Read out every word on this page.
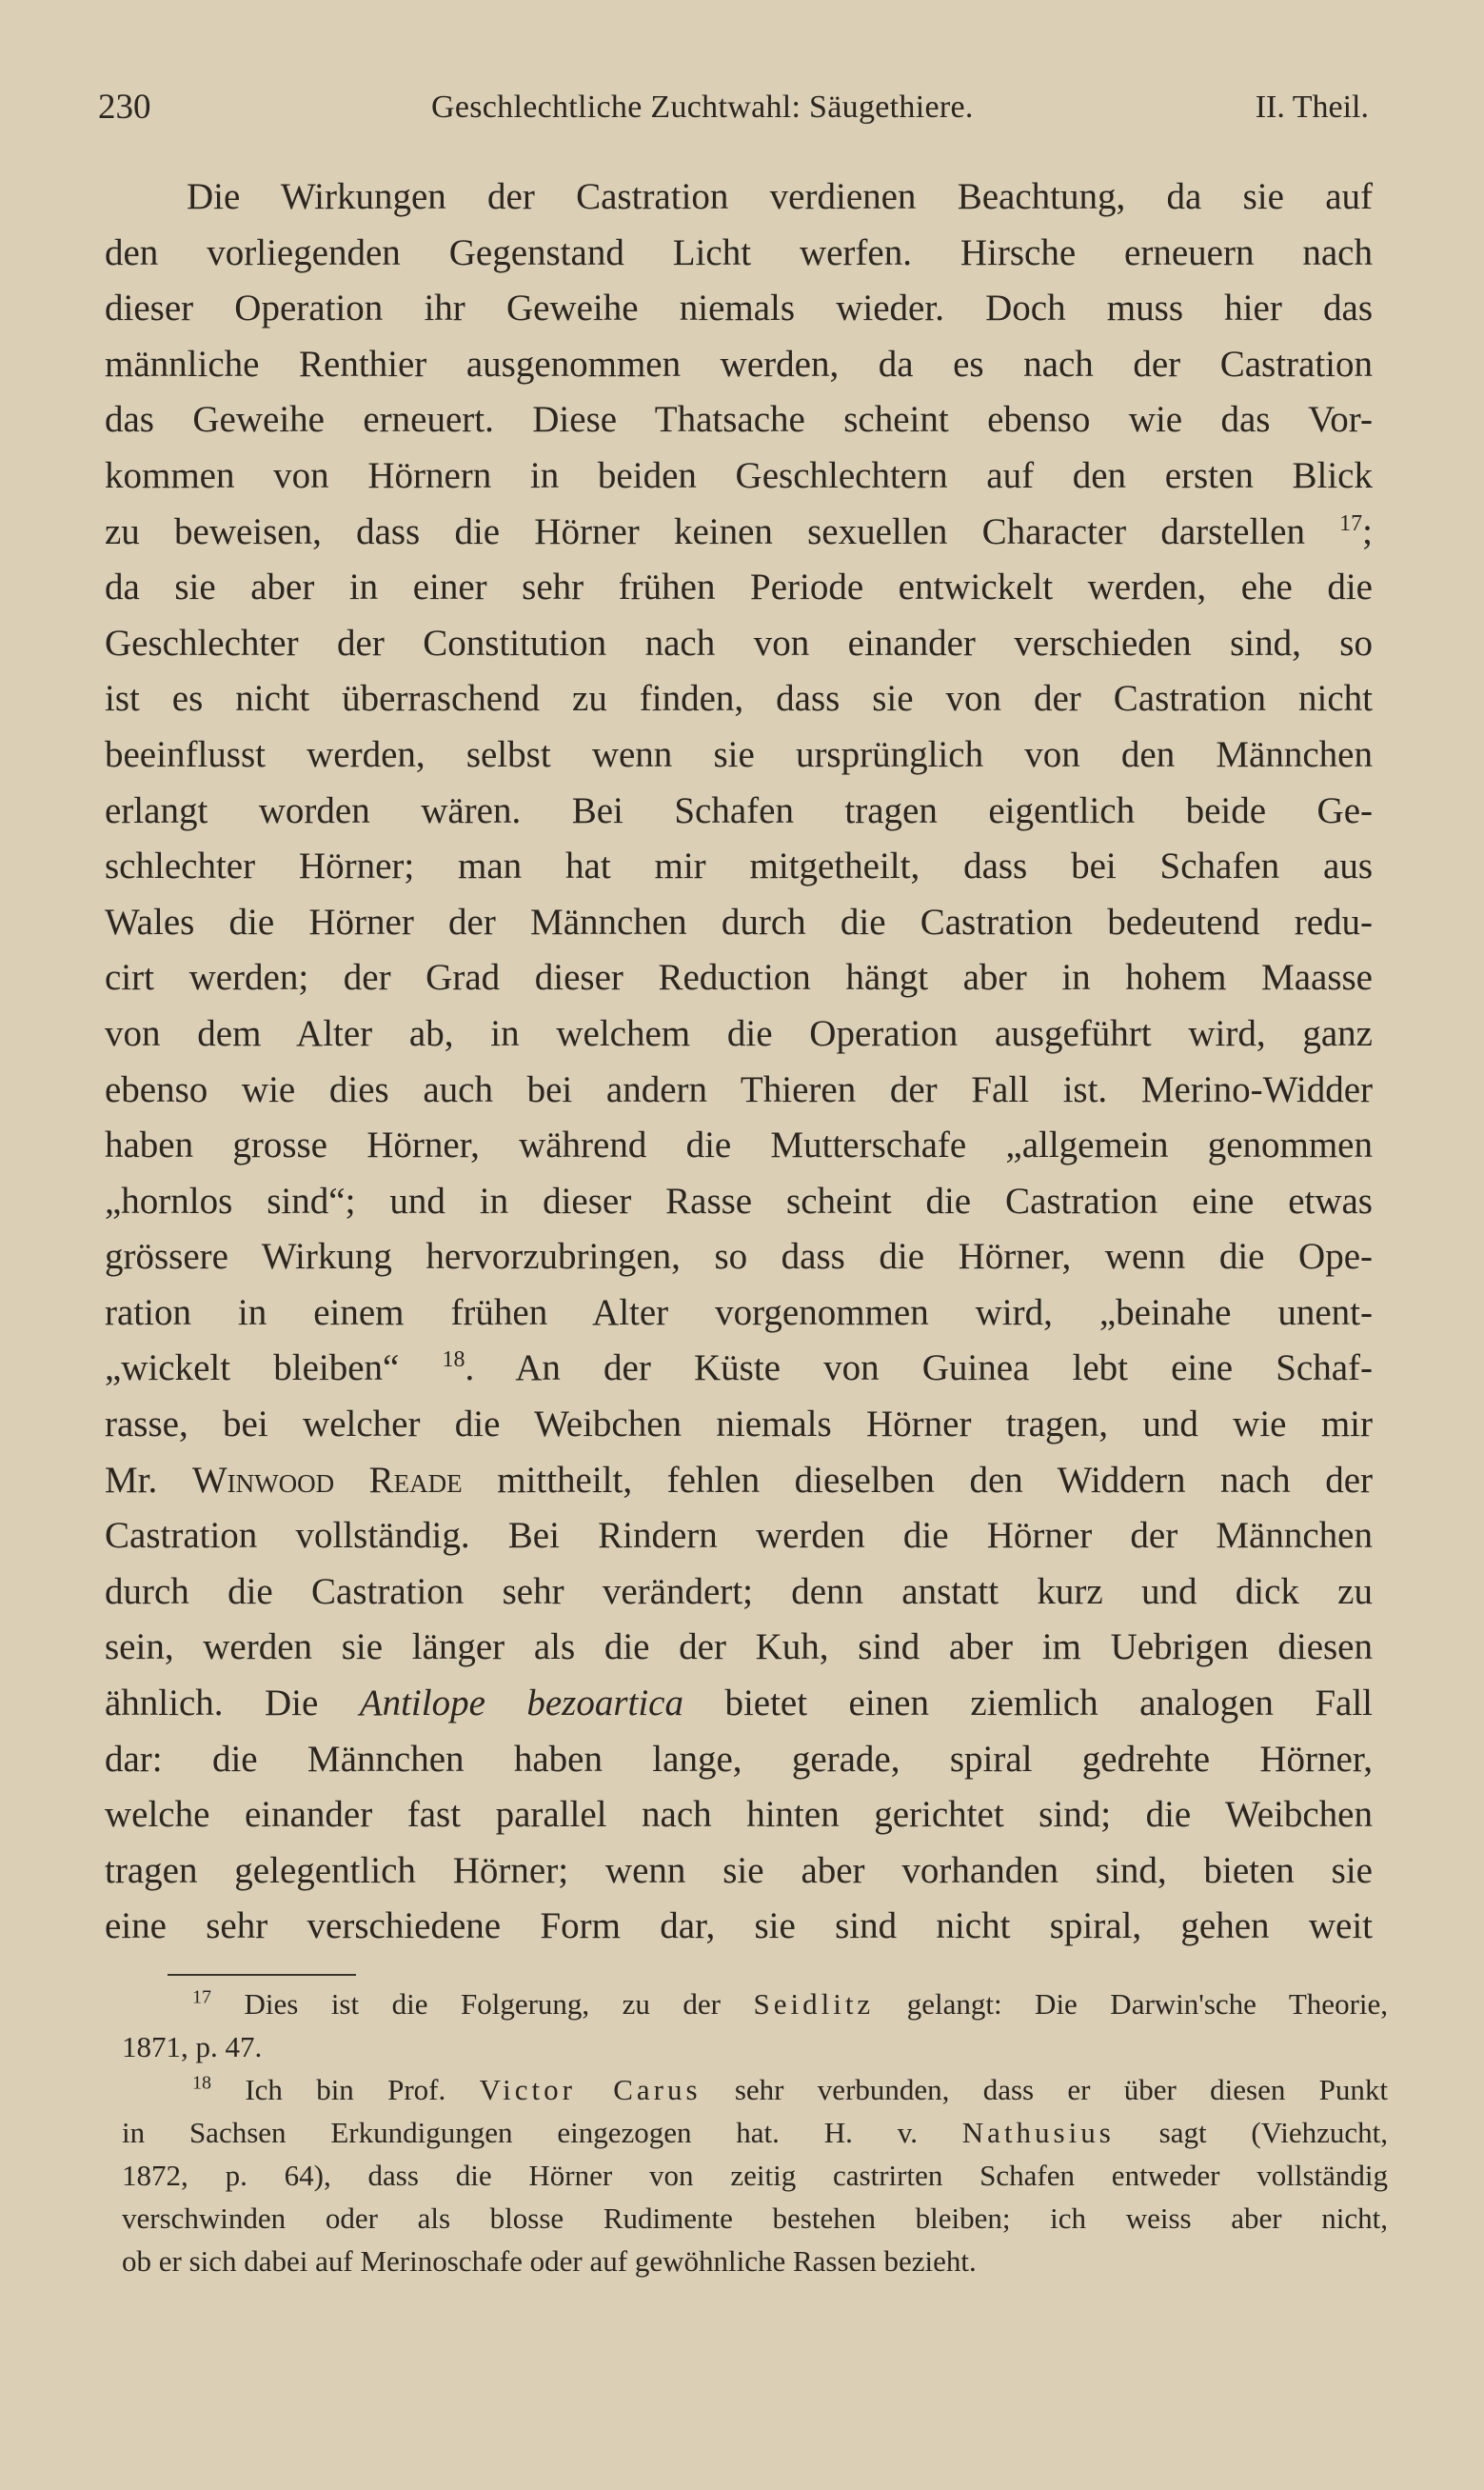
230	Geschlechtliche Zuchtwahl: Säugethiere.	II. Theil.
Die Wirkungen der Castration verdienen Beachtung, da sie auf
den vorliegenden Gegenstand Licht werfen. Hirsche erneuern nach
dieser Operation ihr Geweihe niemals wieder. Doch muss hier das
männliche Renthier ausgenommen werden, da es nach der Castration
das Geweihe erneuert. Diese Thatsache scheint ebenso wie das Vor-
kommen von Hörnern in beiden Geschlechtern auf den ersten Blick
zu beweisen, dass die Hörner keinen sexuellen Character darstellen $^{17}$;
da sie aber in einer sehr frühen Periode entwickelt werden, ehe die
Geschlechter der Constitution nach von einander verschieden sind, so
ist es nicht überraschend zu finden, dass sie von der Castration nicht
beeinflusst werden, selbst wenn sie ursprünglich von den Männchen
erlangt worden wären. Bei Schafen tragen eigentlich beide Ge-
schlechter Hörner; man hat mir mitgetheilt, dass bei Schafen aus
Wales die Hörner der Männchen durch die Castration bedeutend redu-
cirt werden; der Grad dieser Reduction hängt aber in hohem Maasse
von dem Alter ab, in welchem die Operation ausgeführt wird, ganz
ebenso wie dies auch bei andern Thieren der Fall ist. Merino-Widder
haben grosse Hörner, während die Mutterschafe „allgemein genommen
„hornlos sind“; und in dieser Rasse scheint die Castration eine etwas
grössere Wirkung hervorzubringen, so dass die Hörner, wenn die Ope-
ration in einem frühen Alter vorgenommen wird, „beinahe unent-
„wickelt bleiben“ $^{18}$. An der Küste von Guinea lebt eine Schaf-
rasse, bei welcher die Weibchen niemals Hörner tragen, und wie mir
Mr. Winwood Reade mittheilt, fehlen dieselben den Widdern nach der
Castration vollständig. Bei Rindern werden die Hörner der Männchen
durch die Castration sehr verändert; denn anstatt kurz und dick zu
sein, werden sie länger als die der Kuh, sind aber im Uebrigen diesen
ähnlich. Die Antilope bezoartica bietet einen ziemlich analogen Fall
dar: die Männchen haben lange, gerade, spiral gedrehte Hörner,
welche einander fast parallel nach hinten gerichtet sind; die Weibchen
tragen gelegentlich Hörner; wenn sie aber vorhanden sind, bieten sie
eine sehr verschiedene Form dar, sie sind nicht spiral, gehen weit
$^{17}$ Dies ist die Folgerung, zu der Seidlitz gelangt: Die Darwin'sche Theorie,
1871, p. 47.
$^{18}$ Ich bin Prof. Victor Carus sehr verbunden, dass er über diesen Punkt
in Sachsen Erkundigungen eingezogen hat. H. v. Nathusius sagt (Viehzucht,
1872, p. 64), dass die Hörner von zeitig castrirten Schafen entweder vollständig
verschwinden oder als blosse Rudimente bestehen bleiben; ich weiss aber nicht,
ob er sich dabei auf Merinoschafe oder auf gewöhnliche Rassen bezieht.
